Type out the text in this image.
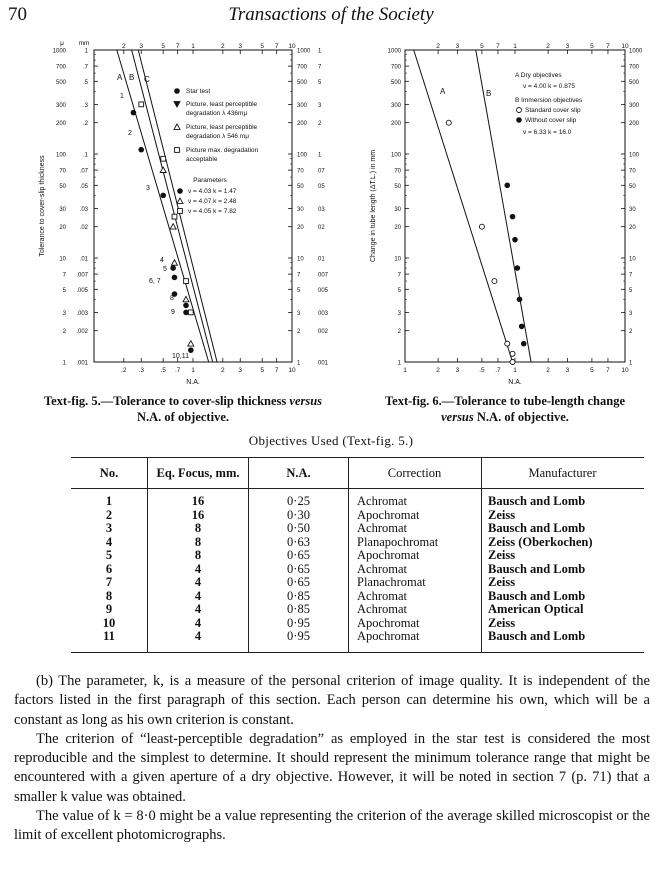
70	Transactions of the Society
1000	1	1000 1
700	.7	700 7
500	.5	500 5
300	.3	300 3
200	.2	200 2
100	.1	100 1
70 .07	70 07
50 .05	50 05
30 .03	30 03
20 .02	20 02
10 .01	10 01
7 .007	7	007
5 .005	5	005
3 .003	3	003
2 .002	2	002
1 .001	1	001
.2 .3	.5 .7 1	2 3	5 7 10
2 3	5 7 1	2 3	5 7 10
N.A.
Tolerance to cover-slip thickness
A B C
μ mm
1
2
3
4
5
6, 7
8
9
10,11
Star test
Picture, least perceptible
degradation λ 436mμ
Picture, least perceptible
degradation λ 546 mμ
Picture max. degradation
acceptable
Parameters
ν = 4.03 k = 1.47
ν = 4.07 k = 2.48
ν = 4.05 k = 7.82
1000	1000
700	700
500	500
300	300
200	200
100	100
70	70
50	50
30	30
20	20
10	10
7	7
5	5
3	3
2	2
1	1
1	2 3	.5 .7 1	2 3	5 7 10
2 3	5 7 1	2 3	5 7 10
N.A.
Change in tube length (ΔT.L.) in mm
A	B
A Dry objectives
ν = 4.00 k = 0.875
B Immersion objectives
Standard cover slip
Without cover slip
ν = 6.33 k = 16.0
Text-fig. 5.—Tolerance to cover-slip thickness versus
N.A. of objective.
Text-fig. 6.—Tolerance to tube-length change
versus N.A. of objective.
Objectives Used (Text-fig. 5.)
No.	Eq. Focus, mm.	N.A.	Correction	Manufacturer
1	16	0·25	Achromat	Bausch and Lomb
2	16	0·30	Apochromat	Zeiss
3	8	0·50	Achromat	Bausch and Lomb
4	8	0·63	Planapochromat	Zeiss (Oberkochen)
5	8	0·65	Apochromat	Zeiss
6	4	0·65	Achromat	Bausch and Lomb
7	4	0·65	Planachromat	Zeiss
8	4	0·85	Achromat	Bausch and Lomb
9	4	0·85	Achromat	American Optical
10	4	0·95	Apochromat	Zeiss
11	4	0·95	Apochromat	Bausch and Lomb

(b) The parameter, k, is a measure of the personal criterion of image quality. It is independent of the factors listed in the first paragraph of this section. Each person can determine his own, which will be a constant as long as his own criterion is constant.

The criterion of “least-perceptible degradation” as employed in the star test is considered the most reproducible and the simplest to determine. It should represent the minimum tolerance range that might be encountered with a given aperture of a dry objective. However, it will be noted in section 7 (p. 71) that a smaller k value was obtained.

The value of k = 8·0 might be a value representing the criterion of the average skilled microscopist or the limit of excellent photomicrographs.
